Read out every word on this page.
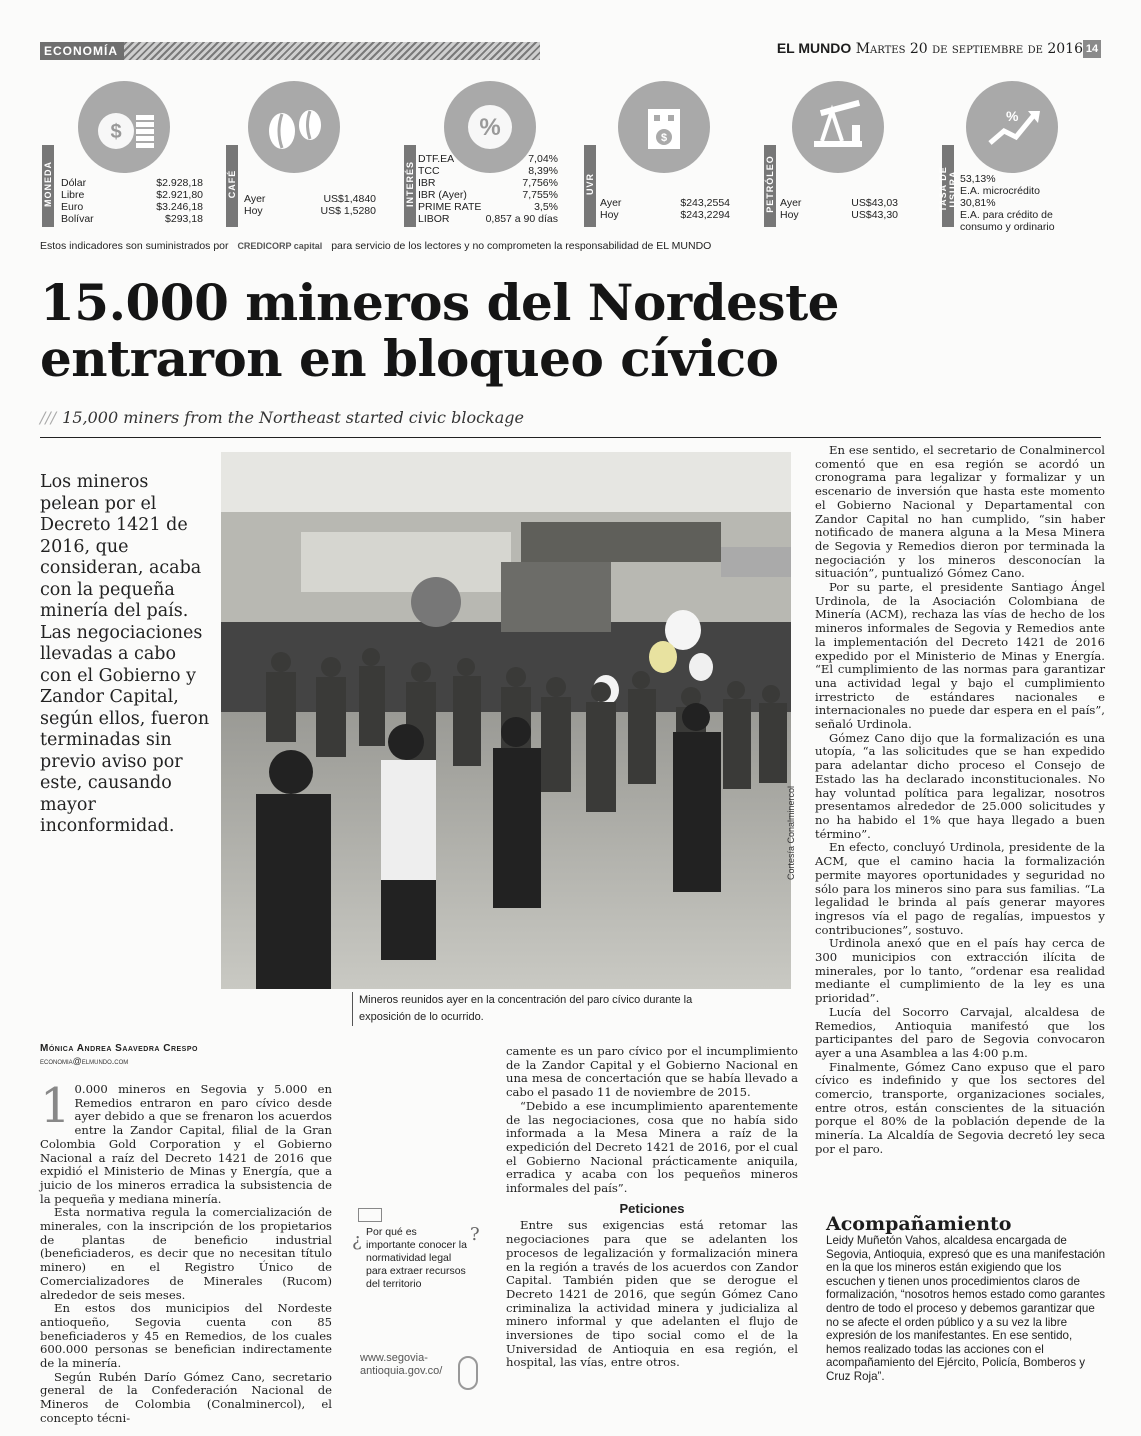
ECONOMÍA	EL MUNDO Martes 20 de septiembre de 2016 14
$
MONEDA Dólar	$2.928,18
Libre	$2.921,80
Euro	$3.246,18
Bolívar	$293,18
CAFÉ
Ayer	US$1,4840
Hoy	US$ 1,5280
%
INTERÉS
DTF.EA	7,04%
TCC	8,39%
IBR	7,756%
IBR (Ayer)	7,755%
PRIME RATE	3,5%
LIBOR	0,857 a 90 días
$
UVR
Ayer	$243,2554
Hoy	$243,2294
PETRÓLEO Ayer	US$43,03
Hoy	US$43,30
%
TASA DE USURA 53,13%
E.A. microcrédito
30,81%
E.A. para crédito de consumo y ordinario
Estos indicadores son suministrados por CREDICORP capital para servicio de los lectores y no comprometen la responsabilidad de EL MUNDO
15.000 mineros del Nordeste
entraron en bloqueo cívico
/// 15,000 miners from the Northeast started civic blockage
Los mineros pelean por el Decreto 1421 de 2016, que consideran, acaba con la pequeña minería del país. Las negociaciones llevadas a cabo con el Gobierno y Zandor Capital, según ellos, fueron terminadas sin previo aviso por este, causando mayor inconformidad.	Cortesía Conalminercol
Mineros reunidos ayer en la concentración del paro cívico durante la exposición de lo ocurrido.

En ese sentido, el secretario de Conalminercol comentó que en esa región se acordó un cronograma para legalizar y formalizar y un escenario de inversión que hasta este momento el Gobierno Nacional y Departamental con Zandor Capital no han cumplido, “sin haber notificado de manera alguna a la Mesa Minera de Segovia y Remedios dieron por terminada la negociación y los mineros desconocían la situación”, puntualizó Gómez Cano.

Por su parte, el presidente Santiago Ángel Urdinola, de la Asociación Colombiana de Minería (ACM), rechaza las vías de hecho de los mineros informales de Segovia y Remedios ante la implementación del Decreto 1421 de 2016 expedido por el Ministerio de Minas y Energía. “El cumplimiento de las normas para garantizar una actividad legal y bajo el cumplimiento irrestricto de estándares nacionales e internacionales no puede dar espera en el país”, señaló Urdinola.

Gómez Cano dijo que la formalización es una utopía, “a las solicitudes que se han expedido para adelantar dicho proceso el Consejo de Estado las ha declarado inconstitucionales. No hay voluntad política para legalizar, nosotros presentamos alrededor de 25.000 solicitudes y no ha habido el 1% que haya llegado a buen término”.

En efecto, concluyó Urdinola, presidente de la ACM, que el camino hacia la formalización permite mayores oportunidades y seguridad no sólo para los mineros sino para sus familias. “La legalidad le brinda al país generar mayores ingresos vía el pago de regalías, impuestos y contribuciones”, sostuvo.

Urdinola anexó que en el país hay cerca de 300 municipios con extracción ilícita de minerales, por lo tanto, “ordenar esa realidad mediante el cumplimiento de la ley es una prioridad”.

Lucía del Socorro Carvajal, alcaldesa de Remedios, Antioquia manifestó que los participantes del paro de Segovia convocaron ayer a una Asamblea a las 4:00 p.m.

Finalmente, Gómez Cano expuso que el paro cívico es indefinido y que los sectores del comercio, transporte, organizaciones sociales, entre otros, están conscientes de la situación porque el 80% de la población depende de la minería. La Alcaldía de Segovia decretó ley seca por el paro.

Mónica Andrea Saavedra Crespo
economia@elmundo.com
1 0.000 mineros en Segovia y 5.000 en Remedios entraron en paro cívico desde ayer debido a que se frenaron los acuerdos entre la Zandor Capital, filial de la Gran Colombia Gold Corporation y el Gobierno Nacional a raíz del Decreto 1421 de 2016 que expidió el Ministerio de Minas y Energía, que a juicio de los mineros erradica la subsistencia de la pequeña y mediana minería.

Esta normativa regula la comercialización de minerales, con la inscripción de los propietarios de plantas de beneficio industrial (beneficiaderos, es decir que no necesitan título minero) en el Registro Único de Comercializadores de Minerales (Rucom) alrededor de seis meses.

En estos dos municipios del Nordeste antioqueño, Segovia cuenta con 85 beneficiaderos y 45 en Remedios, de los cuales 600.000 personas se benefician indirectamente de la minería.

Según Rubén Darío Gómez Cano, secretario general de la Confederación Nacional de Mineros de Colombia (Conalminercol), el concepto técni-

camente es un paro cívico por el incumplimiento de la Zandor Capital y el Gobierno Nacional en una mesa de concertación que se había llevado a cabo el pasado 11 de noviembre de 2015.

“Debido a ese incumplimiento aparentemente de las negociaciones, cosa que no había sido informada a la Mesa Minera a raíz de la expedición del Decreto 1421 de 2016, por el cual el Gobierno Nacional prácticamente aniquila, erradica y acaba con los pequeños mineros informales del país”.

Peticiones

Entre sus exigencias está retomar las negociaciones para que se adelanten los procesos de legalización y formalización minera en la región a través de los acuerdos con Zandor Capital. También piden que se derogue el Decreto 1421 de 2016, que según Gómez Cano criminaliza la actividad minera y judicializa al minero informal y que adelanten el flujo de inversiones de tipo social como el de la Universidad de Antioquia en esa región, el hospital, las vías, entre otros.

¿	?
Por qué es importante conocer la normatividad legal para extraer recursos del territorio
www.segovia-antioquia.gov.co/
Acompañamiento
Leidy Muñetón Vahos, alcaldesa encargada de Segovia, Antioquia, expresó que es una manifestación en la que los mineros están exigiendo que los escuchen y tienen unos procedimientos claros de formalización, “nosotros hemos estado como garantes dentro de todo el proceso y debemos garantizar que no se afecte el orden público y a su vez la libre expresión de los manifestantes. En ese sentido, hemos realizado todas las acciones con el acompañamiento del Ejército, Policía, Bomberos y Cruz Roja”.
